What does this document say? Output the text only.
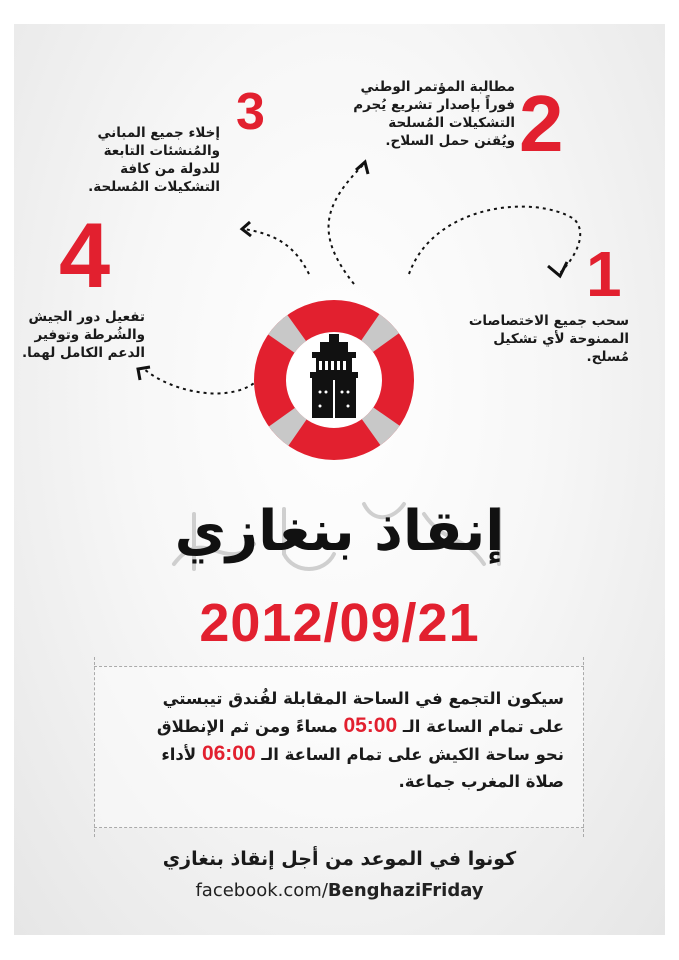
3
إخلاء جميع المباني
والمُنشئات التابعة
للدولة من كافة
التشكيلات المُسلحة.
2
مطالبة المؤتمر الوطني
فوراً بإصدار تشريع يُجرم
التشكيلات المُسلحة
ويُقنن حمل السلاح.
4
تفعيل دور الجيش
والشُرطة وتوفير
الدعم الكامل لهما.
1
سحب جميع الاختصاصات
الممنوحة لأي تشكيل
مُسلح.
إنقاذ بنغازي
2012/09/21
سيكون التجمع في الساحة المقابلة لفُندق تيبستي
على تمام الساعة الـ 05:00 مساءً ومن ثم الإنطلاق
نحو ساحة الكيش على تمام الساعة الـ 06:00 لأداء
صلاة المغرب جماعة.
كونوا في الموعد من أجل إنقاذ بنغازي
facebook.com/BenghaziFriday
